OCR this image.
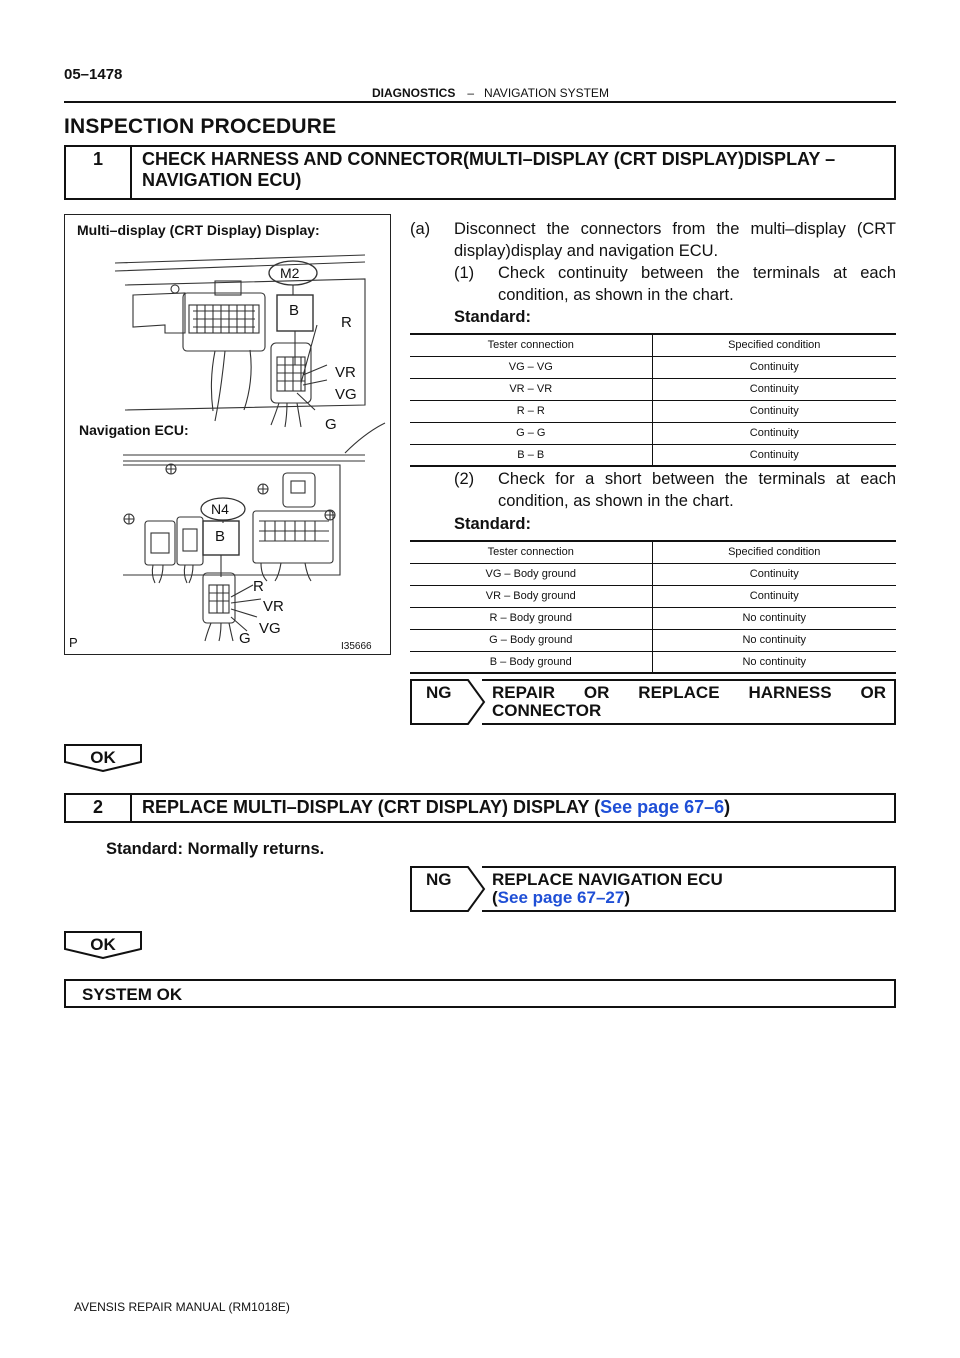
05–1478
DIAGNOSTICS – NAVIGATION SYSTEM
INSPECTION PROCEDURE
1	CHECK HARNESS AND CONNECTOR(MULTI–DISPLAY (CRT DISPLAY)DISPLAY – NAVIGATION ECU)
Multi–display (CRT Display) Display:
Navigation ECU:
M2
B
R
VR
VG
G
N4
B
R
VR
VG
G
P	I35666
(a) Disconnect the connectors from the multi–display (CRT display)display and navigation ECU.
(1) Check continuity between the terminals at each condition, as shown in the chart.
Standard:
Tester connection	Specified condition
VG – VG	Continuity
VR – VR	Continuity
R – R	Continuity
G – G	Continuity
B – B	Continuity
(2) Check for a short between the terminals at each condition, as shown in the chart.
Standard:
Tester connection	Specified condition
VG – Body ground	Continuity
VR – Body ground	Continuity
R – Body ground	No continuity
G – Body ground	No continuity
B – Body ground	No continuity
NG	REPAIR OR REPLACE HARNESS OR CONNECTOR
OK
2	REPLACE MULTI–DISPLAY (CRT DISPLAY) DISPLAY (See page 67–6)
Standard: Normally returns.
NG REPLACE NAVIGATION ECU
(See page 67–27)
OK
SYSTEM OK
AVENSIS REPAIR MANUAL (RM1018E)
